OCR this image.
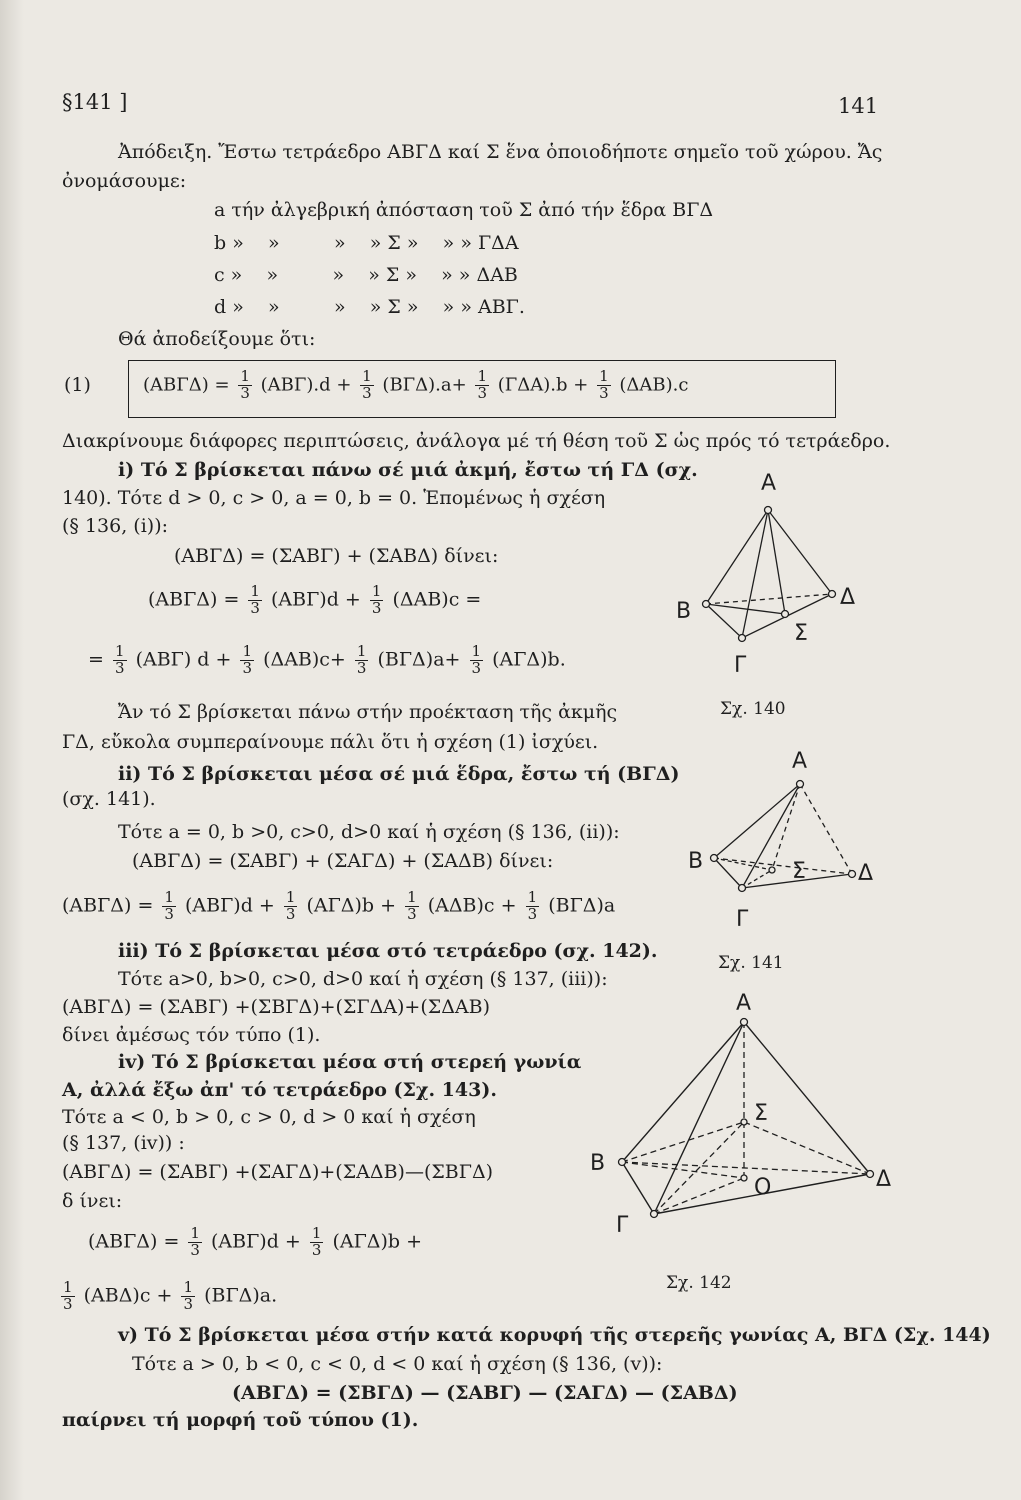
§141 ]	141
Ἀπόδειξη. Ἔστω τετράεδρο ΑΒΓΔ καί Σ ἕνα ὁποιοδήποτε σημεῖο τοῦ χώρου. Ἄς
ὀνομάσουμε:
a τήν ἀλγεβρική ἀπόσταση τοῦ Σ ἀπό τήν ἕδρα ΒΓΔ
b »    »         »    » Σ »    » » ΓΔΑ
c »    »         »    » Σ »    » » ΔΑΒ
d »    »         »    » Σ »    » » ΑΒΓ.
Θά ἀποδείξουμε ὅτι:
(1)	$(AB\Gamma\Delta) = \frac{1}{3} (AB\Gamma).d + \frac{1}{3} (B\Gamma\Delta).a+ \frac{1}{3} (\Gamma\Delta A).b + \frac{1}{3} (\Delta AB).c$
Διακρίνουμε διάφορες περιπτώσεις, ἀνάλογα μέ τή θέση τοῦ Σ ὡς πρός τό τετράεδρο.
i) Τό Σ βρίσκεται πάνω σέ μιά ἀκμή, ἔστω τή ΓΔ (σχ.
140). Τότε d > 0, c > 0, a = 0, b = 0. Ἑπομένως ἡ σχέση
(§ 136, (i)):
(ΑΒΓΔ) = (ΣΑΒΓ) + (ΣΑΒΔ) δίνει:
$(AB\Gamma\Delta) = \frac{1}{3} (AB\Gamma)d + \frac{1}{3} (\Delta AB)c$ =
= $\frac{1}{3} (AB\Gamma) d + \frac{1}{3} (\Delta AB)c+ \frac{1}{3} (B\Gamma\Delta)a+ \frac{1}{3} (A\Gamma\Delta)b$.
Ἄν τό Σ βρίσκεται πάνω στήν προέκταση τῆς ἀκμῆς
ΓΔ, εὔκολα συμπεραίνουμε πάλι ὅτι ἡ σχέση (1) ἰσχύει.
ii) Τό Σ βρίσκεται μέσα σέ μιά ἕδρα, ἔστω τή (ΒΓΔ)
(σχ. 141).
Τότε a = 0, b >0, c>0, d>0 καί ἡ σχέση (§ 136, (ii)):
(ΑΒΓΔ) = (ΣΑΒΓ) + (ΣΑΓΔ) + (ΣΑΔΒ) δίνει:
$(AB\Gamma\Delta) = \frac{1}{3} (AB\Gamma)d + \frac{1}{3} (A\Gamma\Delta)b + \frac{1}{3} (A\Delta B)c + \frac{1}{3} (B\Gamma\Delta)a$
iii) Τό Σ βρίσκεται μέσα στό τετράεδρο (σχ. 142).
Τότε a>0, b>0, c>0, d>0 καί ἡ σχέση (§ 137, (iii)):
(ΑΒΓΔ) = (ΣΑΒΓ) +(ΣΒΓΔ)+(ΣΓΔΑ)+(ΣΔΑΒ)
δίνει ἀμέσως τόν τύπο (1).
iv) Τό Σ βρίσκεται μέσα στή στερεή γωνία
Α, ἀλλά ἔξω ἀπ' τό τετράεδρο (Σχ. 143).
Τότε a < 0, b > 0, c > 0, d > 0 καί ἡ σχέση
(§ 137, (iv)) :
(ΑΒΓΔ) = (ΣΑΒΓ) +(ΣΑΓΔ)+(ΣΑΔΒ)—(ΣΒΓΔ)
δ ίνει:
$(AB\Gamma\Delta) = \frac{1}{3} (AB\Gamma)d + \frac{1}{3} (A\Gamma\Delta)b$ +
$\frac{1}{3} (AB\Delta)c + \frac{1}{3} (B\Gamma\Delta)a$.
v) Τό Σ βρίσκεται μέσα στήν κατά κορυφή τῆς στερεῆς γωνίας Α, ΒΓΔ (Σχ. 144)
Τότε a > 0, b < 0, c < 0, d < 0 καί ἡ σχέση (§ 136, (v)):
(ΑΒΓΔ) = (ΣΒΓΔ) — (ΣΑΒΓ) — (ΣΑΓΔ) — (ΣΑΒΔ)
παίρνει τή μορφή τοῦ τύπου (1).
Α
Β
Γ
Δ
Σ
Σχ. 140
Α
Β
Γ
Δ
Σ
Σχ. 141
Α
Β
Γ
Δ
Σ
Ο
Σχ. 142
